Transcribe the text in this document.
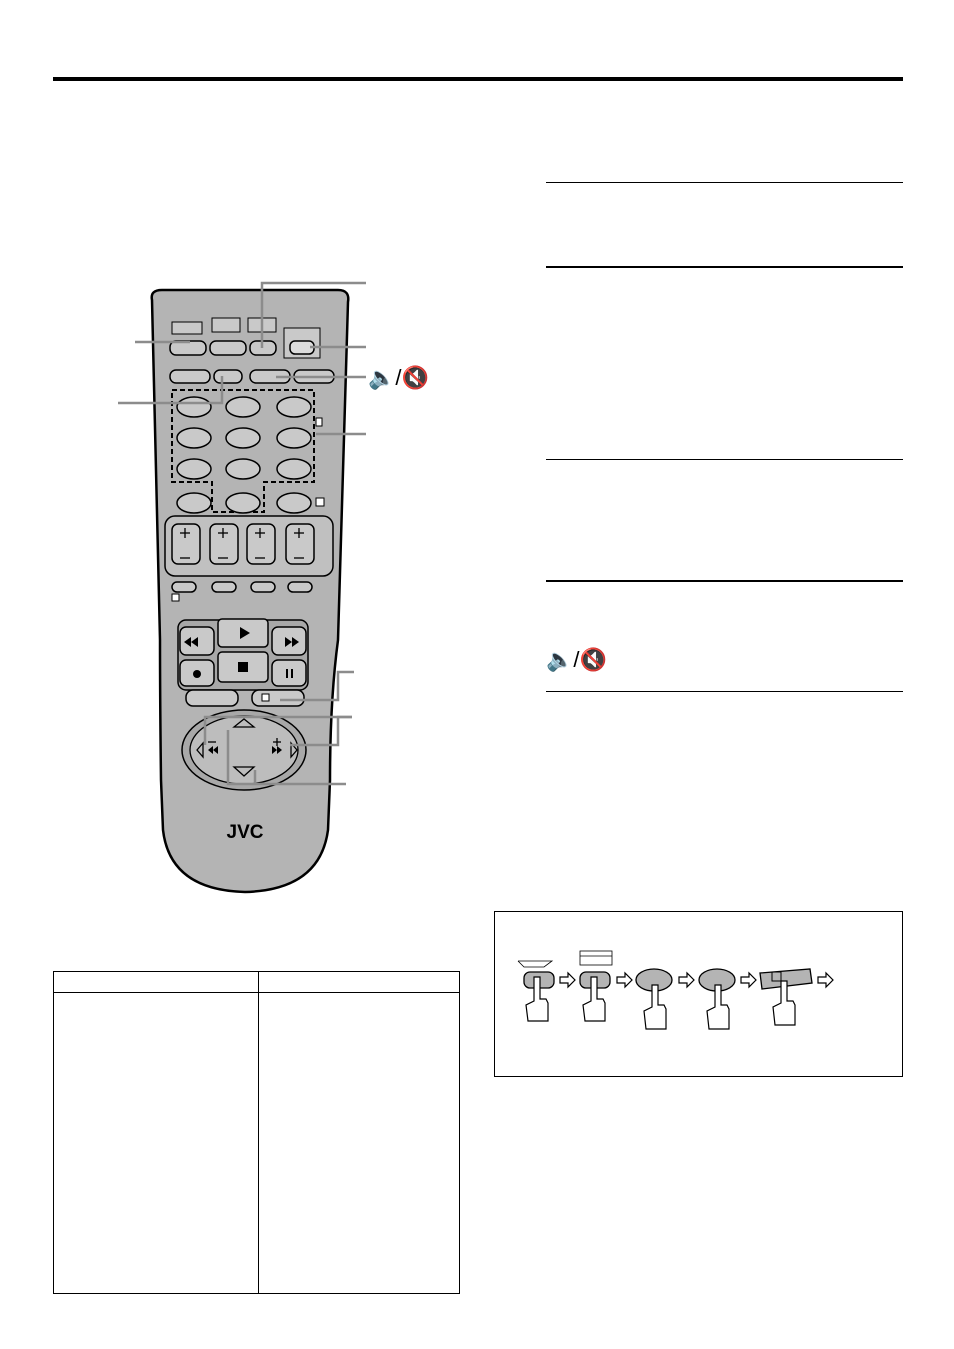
🔈/🔇
🔈/🔇
JVC
